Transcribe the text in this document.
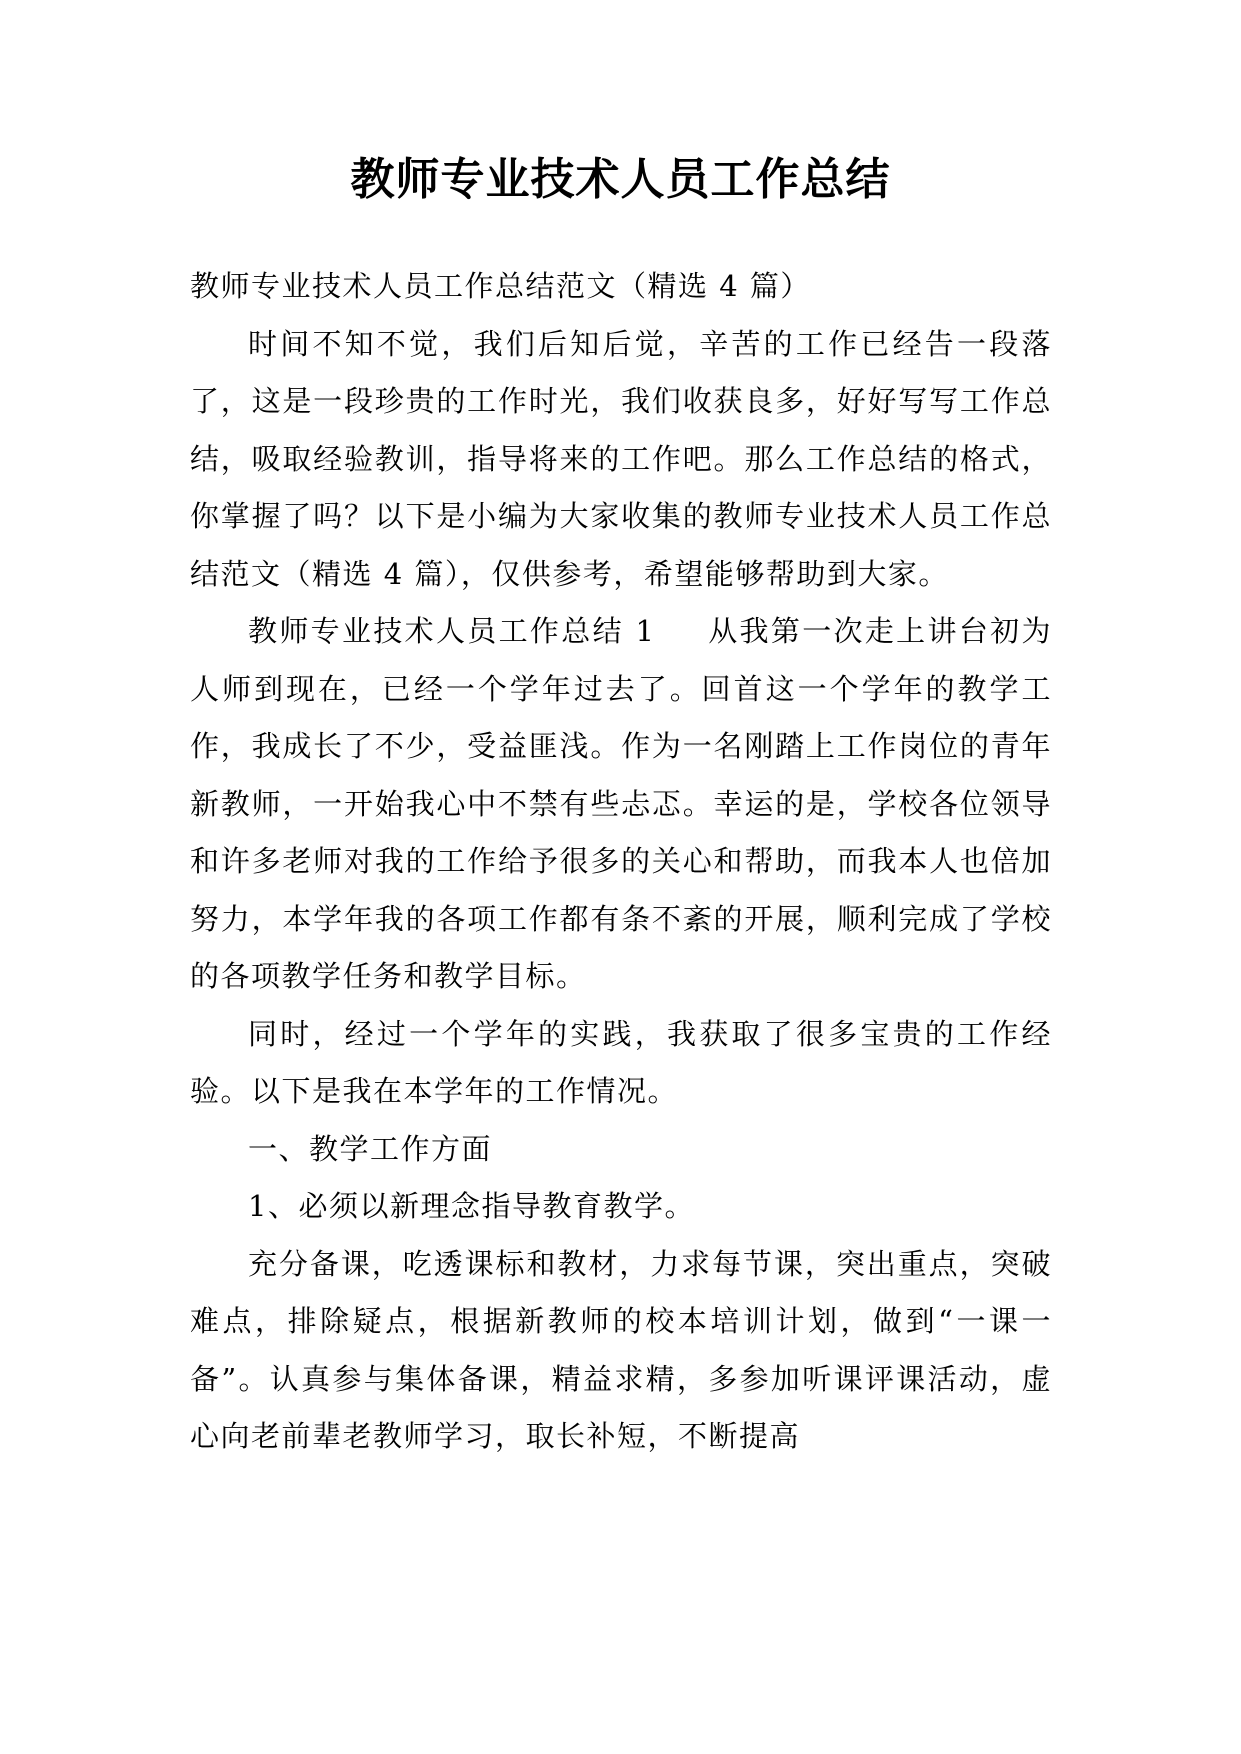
教师专业技术人员工作总结

教师专业技术人员工作总结范文（精选 4 篇）

时间不知不觉，我们后知后觉，辛苦的工作已经告一段落了，这是一段珍贵的工作时光，我们收获良多，好好写写工作总结，吸取经验教训，指导将来的工作吧。那么工作总结的格式，你掌握了吗？以下是小编为大家收集的教师专业技术人员工作总结范文（精选 4 篇），仅供参考，希望能够帮助到大家。

教师专业技术人员工作总结 1 从我第一次走上讲台初为人师到现在，已经一个学年过去了。回首这一个学年的教学工作，我成长了不少，受益匪浅。作为一名刚踏上工作岗位的青年新教师，一开始我心中不禁有些忐忑。幸运的是，学校各位领导和许多老师对我的工作给予很多的关心和帮助，而我本人也倍加努力，本学年我的各项工作都有条不紊的开展，顺利完成了学校的各项教学任务和教学目标。

同时，经过一个学年的实践，我获取了很多宝贵的工作经验。以下是我在本学年的工作情况。

一、教学工作方面

1、必须以新理念指导教育教学。

充分备课，吃透课标和教材，力求每节课，突出重点，突破难点，排除疑点，根据新教师的校本培训计划，做到“一课一备”。认真参与集体备课，精益求精，多参加听课评课活动，虚心向老前辈老教师学习，取长补短，不断提高
